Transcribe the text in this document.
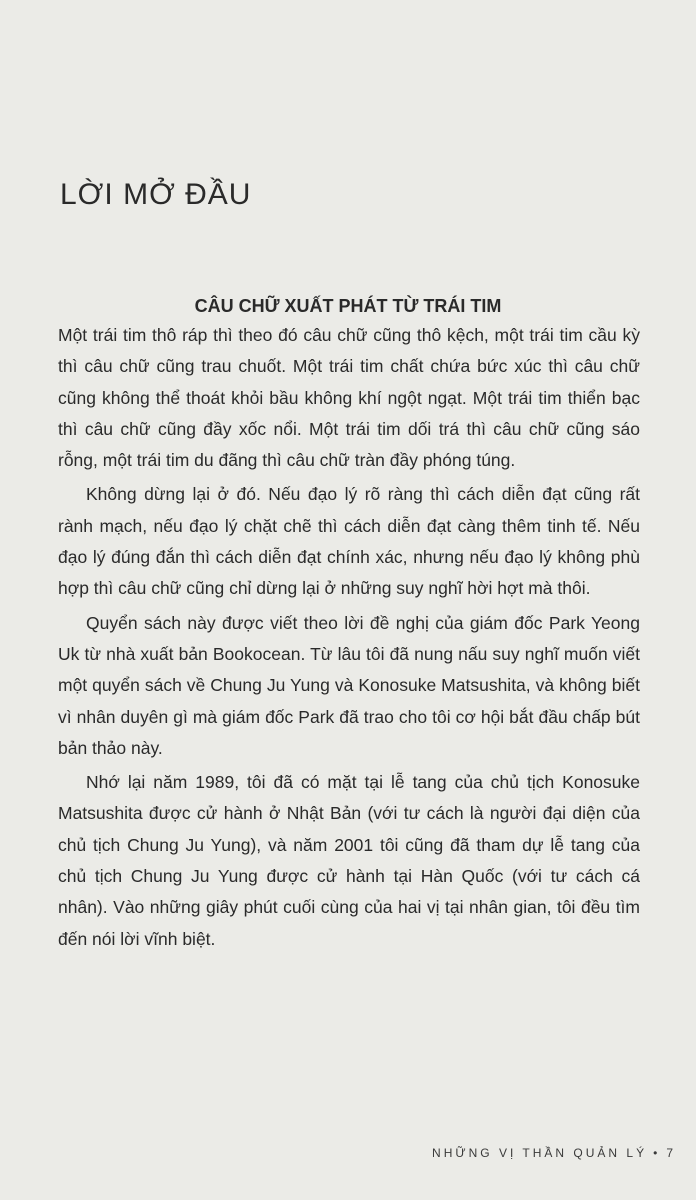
LỜI MỞ ĐẦU
CÂU CHỮ XUẤT PHÁT TỪ TRÁI TIM

Một trái tim thô ráp thì theo đó câu chữ cũng thô kệch, một trái tim cầu kỳ thì câu chữ cũng trau chuốt. Một trái tim chất chứa bức xúc thì câu chữ cũng không thể thoát khỏi bầu không khí ngột ngạt. Một trái tim thiển bạc thì câu chữ cũng đầy xốc nổi. Một trái tim dối trá thì câu chữ cũng sáo rỗng, một trái tim du đãng thì câu chữ tràn đầy phóng túng.

Không dừng lại ở đó. Nếu đạo lý rõ ràng thì cách diễn đạt cũng rất rành mạch, nếu đạo lý chặt chẽ thì cách diễn đạt càng thêm tinh tế. Nếu đạo lý đúng đắn thì cách diễn đạt chính xác, nhưng nếu đạo lý không phù hợp thì câu chữ cũng chỉ dừng lại ở những suy nghĩ hời hợt mà thôi.

Quyển sách này được viết theo lời đề nghị của giám đốc Park Yeong Uk từ nhà xuất bản Bookocean. Từ lâu tôi đã nung nấu suy nghĩ muốn viết một quyển sách về Chung Ju Yung và Konosuke Matsushita, và không biết vì nhân duyên gì mà giám đốc Park đã trao cho tôi cơ hội bắt đầu chấp bút bản thảo này.

Nhớ lại năm 1989, tôi đã có mặt tại lễ tang của chủ tịch Konosuke Matsushita được cử hành ở Nhật Bản (với tư cách là người đại diện của chủ tịch Chung Ju Yung), và năm 2001 tôi cũng đã tham dự lễ tang của chủ tịch Chung Ju Yung được cử hành tại Hàn Quốc (với tư cách cá nhân). Vào những giây phút cuối cùng của hai vị tại nhân gian, tôi đều tìm đến nói lời vĩnh biệt.

NHỮNG VỊ THẦN QUẢN LÝ • 7
